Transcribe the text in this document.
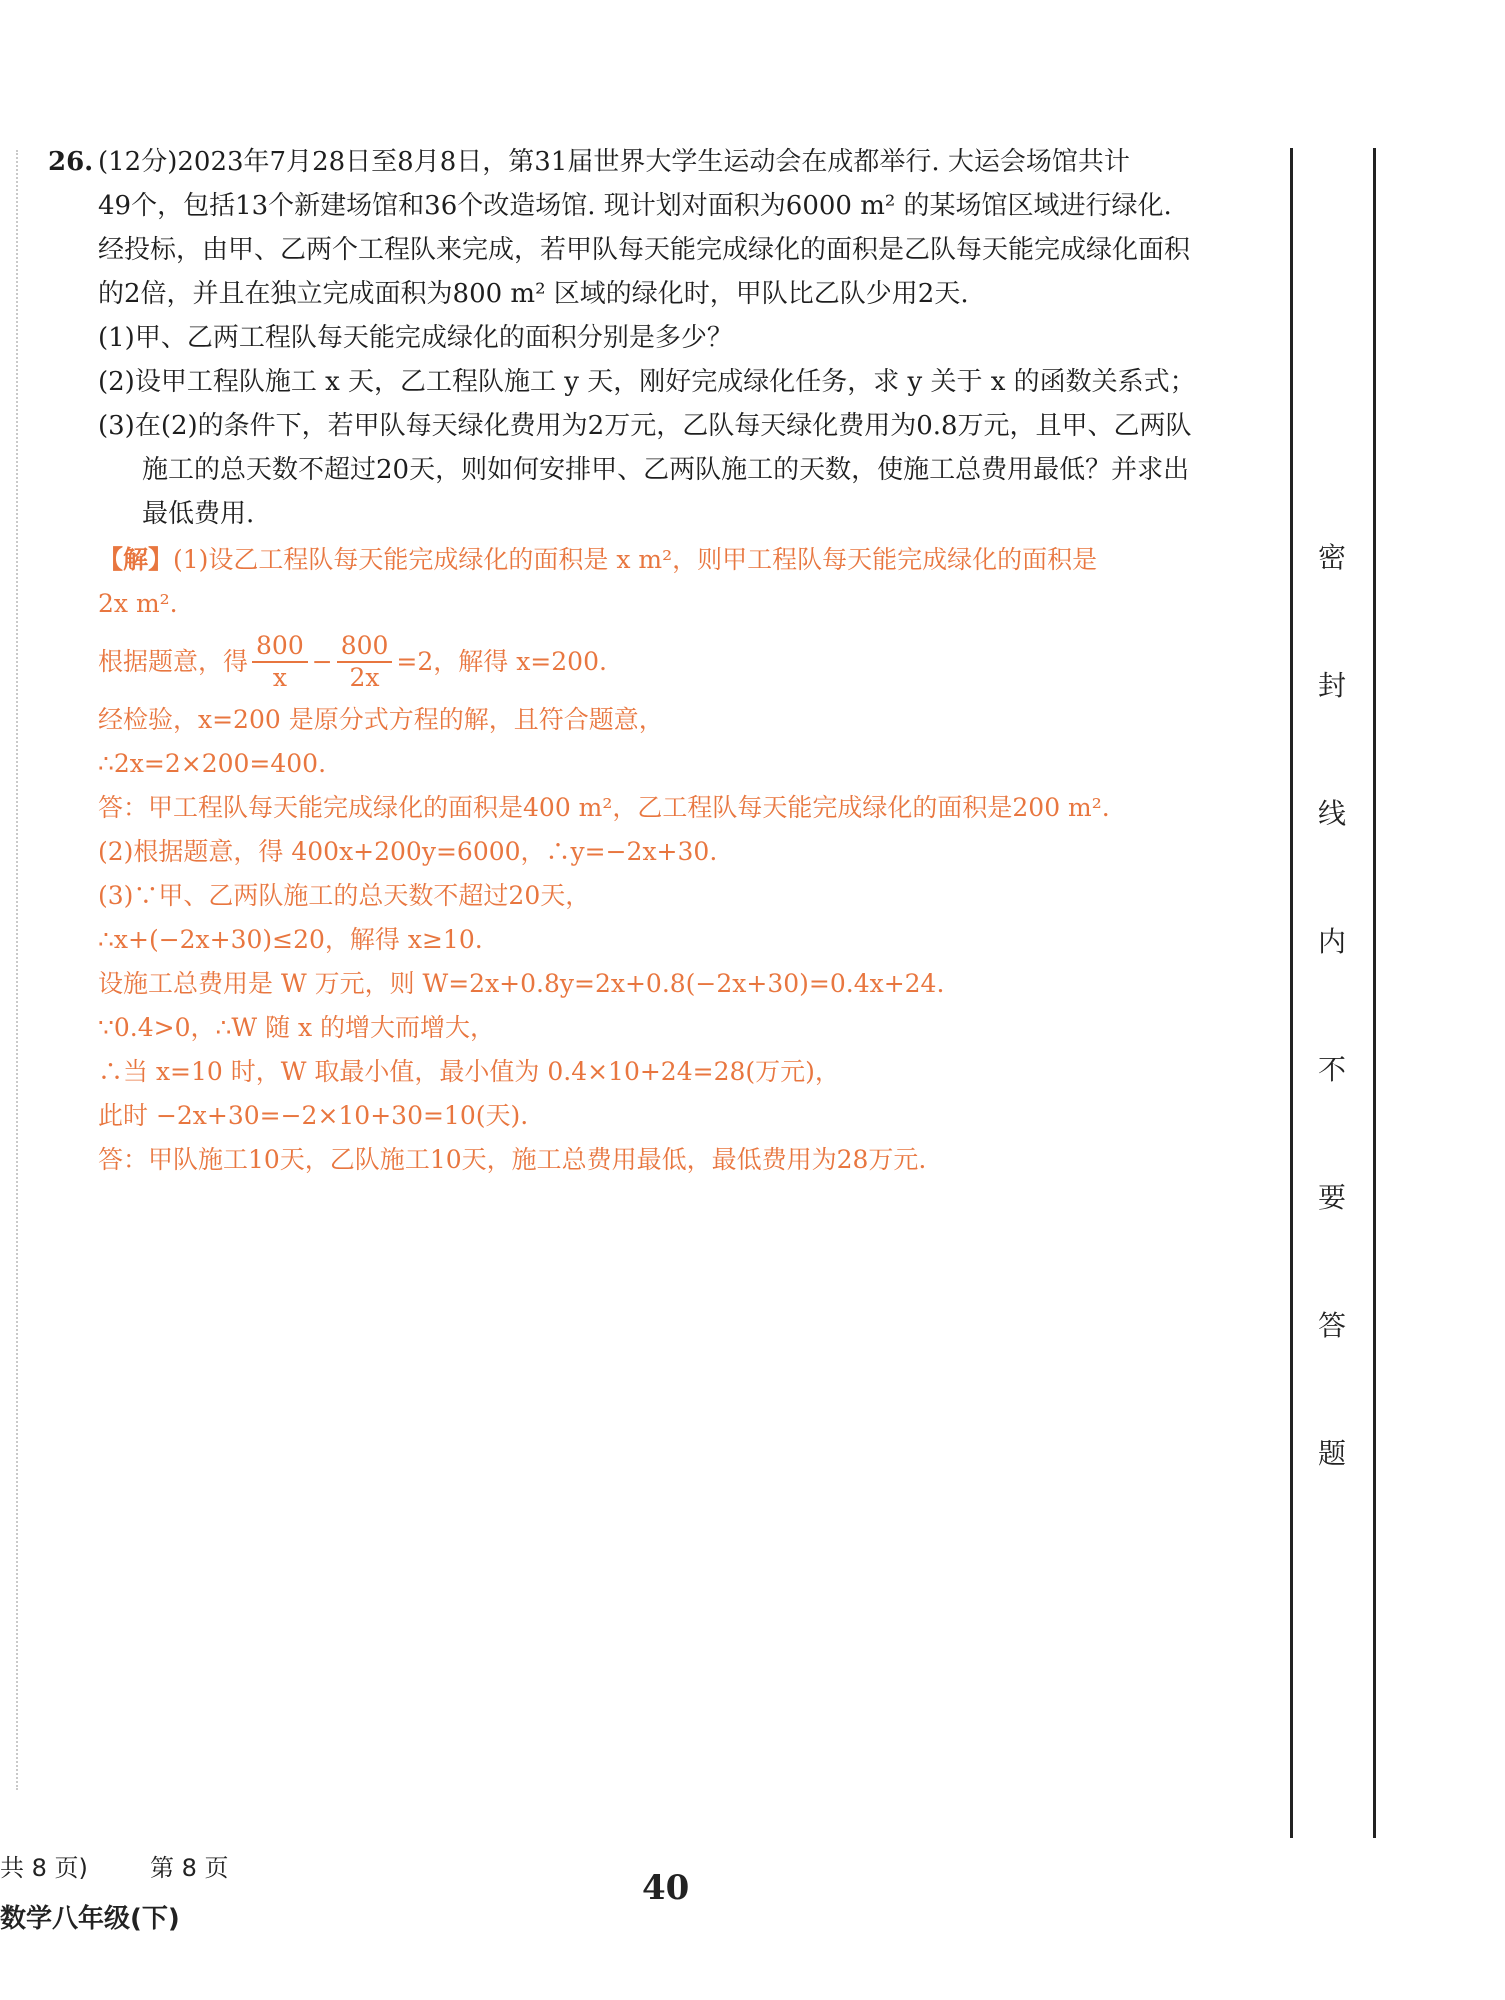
密
封
线
内
不
要
答
题
26. (12分)2023年7月28日至8月8日，第31届世界大学生运动会在成都举行. 大运会场馆共计
49个，包括13个新建场馆和36个改造场馆. 现计划对面积为6000 m² 的某场馆区域进行绿化.
经投标，由甲、乙两个工程队来完成，若甲队每天能完成绿化的面积是乙队每天能完成绿化面积
的2倍，并且在独立完成面积为800 m² 区域的绿化时，甲队比乙队少用2天.
(1)甲、乙两工程队每天能完成绿化的面积分别是多少？
(2)设甲工程队施工 x 天，乙工程队施工 y 天，刚好完成绿化任务，求 y 关于 x 的函数关系式；
(3)在(2)的条件下，若甲队每天绿化费用为2万元，乙队每天绿化费用为0.8万元，且甲、乙两队
施工的总天数不超过20天，则如何安排甲、乙两队施工的天数，使施工总费用最低？并求出
最低费用.
【解】(1)设乙工程队每天能完成绿化的面积是 x m²，则甲工程队每天能完成绿化的面积是
2x m².
根据题意，得 $\frac{800}{x} - \frac{800}{2x} =2$，解得 x=200.
经检验，x=200 是原分式方程的解，且符合题意，
∴2x=2×200=400.
答：甲工程队每天能完成绿化的面积是400 m²，乙工程队每天能完成绿化的面积是200 m².
(2)根据题意，得 400x+200y=6000，∴y=−2x+30.
(3)∵甲、乙两队施工的总天数不超过20天，
∴x+(−2x+30)≤20，解得 x≥10.
设施工总费用是 W 万元，则 W=2x+0.8y=2x+0.8(−2x+30)=0.4x+24.
∵0.4>0，∴W 随 x 的增大而增大，
∴当 x=10 时，W 取最小值，最小值为 0.4×10+24=28(万元)，
此时 −2x+30=−2×10+30=10(天).
答：甲队施工10天，乙队施工10天，施工总费用最低，最低费用为28万元.
共 8 页)	第 8 页	40
数学八年级(下)
